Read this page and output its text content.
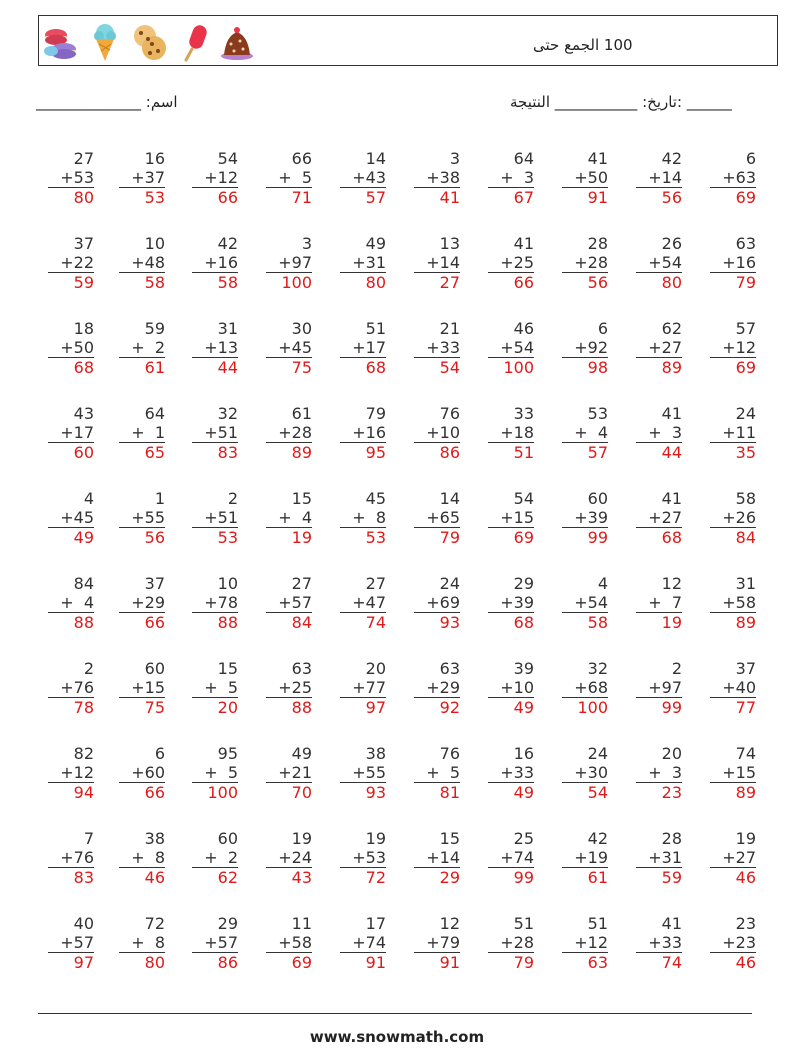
100 الجمع حتى
اسم: ______________	______ :تاريخ: ___________ النتيجة
27
+53
80
16
+37
53
54
+12
66
66
+  5
71
14
+43
57
3
+38
41
64
+  3
67
41
+50
91
42
+14
56
6
+63
69
37
+22
59
10
+48
58
42
+16
58
3
+97
100
49
+31
80
13
+14
27
41
+25
66
28
+28
56
26
+54
80
63
+16
79
18
+50
68
59
+  2
61
31
+13
44
30
+45
75
51
+17
68
21
+33
54
46
+54
100
6
+92
98
62
+27
89
57
+12
69
43
+17
60
64
+  1
65
32
+51
83
61
+28
89
79
+16
95
76
+10
86
33
+18
51
53
+  4
57
41
+  3
44
24
+11
35
4
+45
49
1
+55
56
2
+51
53
15
+  4
19
45
+  8
53
14
+65
79
54
+15
69
60
+39
99
41
+27
68
58
+26
84
84
+  4
88
37
+29
66
10
+78
88
27
+57
84
27
+47
74
24
+69
93
29
+39
68
4
+54
58
12
+  7
19
31
+58
89
2
+76
78
60
+15
75
15
+  5
20
63
+25
88
20
+77
97
63
+29
92
39
+10
49
32
+68
100
2
+97
99
37
+40
77
82
+12
94
6
+60
66
95
+  5
100
49
+21
70
38
+55
93
76
+  5
81
16
+33
49
24
+30
54
20
+  3
23
74
+15
89
7
+76
83
38
+  8
46
60
+  2
62
19
+24
43
19
+53
72
15
+14
29
25
+74
99
42
+19
61
28
+31
59
19
+27
46
40
+57
97
72
+  8
80
29
+57
86
11
+58
69
17
+74
91
12
+79
91
51
+28
79
51
+12
63
41
+33
74
23
+23
46
www.snowmath.com
